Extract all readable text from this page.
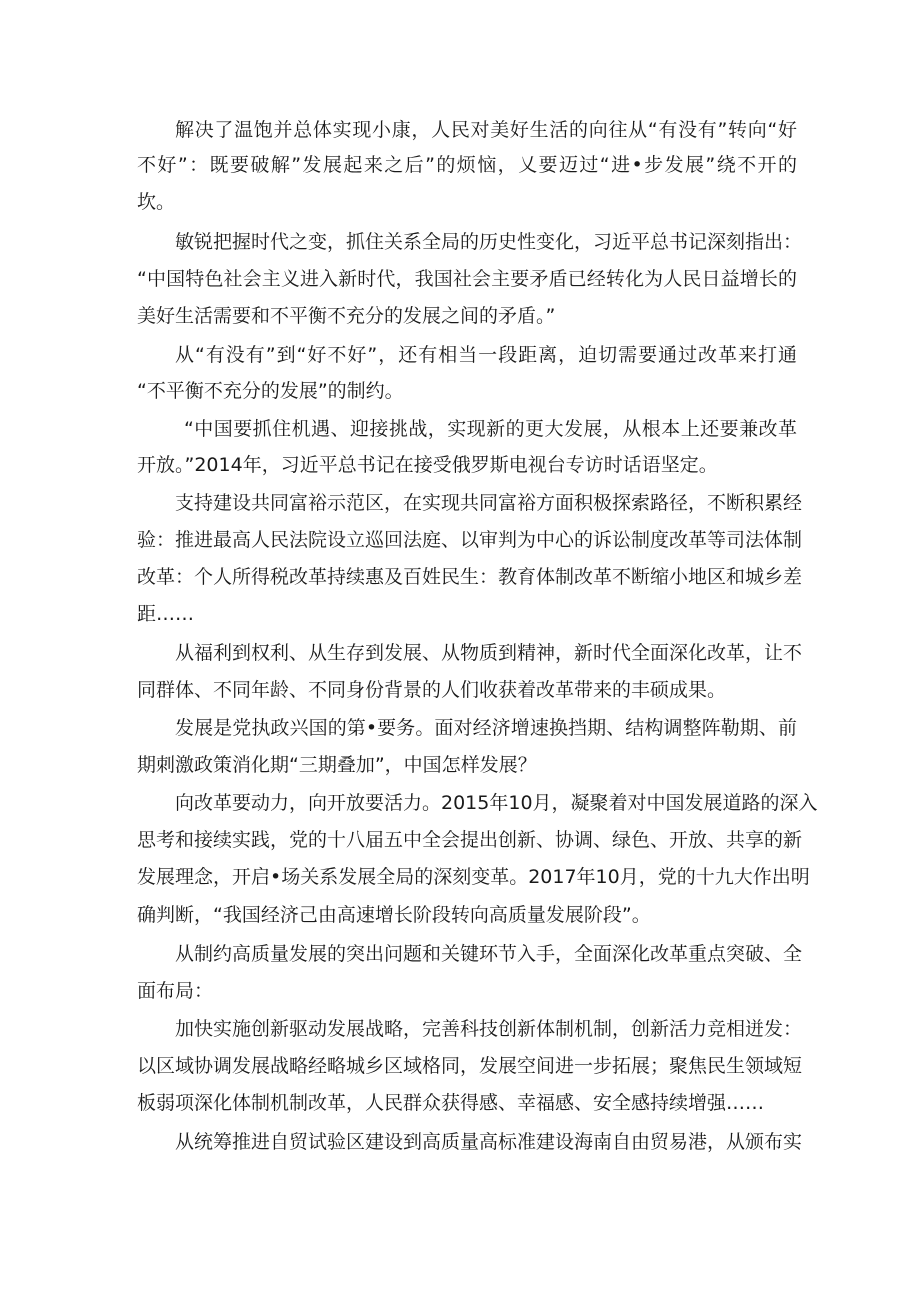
解决了温饱并总体实现小康，人民对美好生活的向往从“有没有”转向“好
不好”：既要破解”发展起来之后”的烦恼，乂要迈过“进•步发展”绕不开的
坎。
敏锐把握时代之变，抓住关系全局的历史性变化，习近平总书记深刻指出：
“中国特色社会主义进入新时代，我国社会主要矛盾已经转化为人民日益增长的
美好生活需要和不平衡不充分的发展之间的矛盾。”
从“有没有”到“好不好”，还有相当一段距离，迫切需要通过改革来打通
“不平衡不充分的发展”的制约。
“中国要抓住机遇、迎接挑战，实现新的更大发展，从根本上还要兼改革
开放。”2014年，习近平总书记在接受俄罗斯电视台专访时话语坚定。
支持建设共同富裕示范区，在实现共同富裕方面积极探索路径，不断积累经
验：推进最高人民法院设立巡回法庭、以审判为中心的诉讼制度改革等司法体制
改革：个人所得税改革持续惠及百姓民生：教育体制改革不断缩小地区和城乡差
距……
从福利到权利、从生存到发展、从物质到精神，新时代全面深化改革，让不
同群体、不同年龄、不同身份背景的人们收获着改革带来的丰硕成果。
发展是党执政兴国的第•要务。面对经济增速换挡期、结构调整阵勒期、前
期刺激政策消化期“三期叠加”，中国怎样发展？
向改革要动力，向开放要活力。2015年10月，凝聚着对中国发展道路的深入
思考和接续实践，党的十八届五中全会提出创新、协调、绿色、开放、共享的新
发展理念，开启•场关系发展全局的深刻变革。2017年10月，党的十九大作出明
确判断，“我国经济己由高速增长阶段转向高质量发展阶段”。
从制约高质量发展的突出问题和关键环节入手，全面深化改革重点突破、全
面布局：
加快实施创新驱动发展战略，完善科技创新体制机制，创新活力竞相迸发：
以区域协调发展战略经略城乡区域格同，发展空间进一步拓展；聚焦民生领域短
板弱项深化体制机制改革，人民群众获得感、幸福感、安全感持续增强……
从统筹推进自贸试验区建设到高质量高标准建设海南自由贸易港，从颁布实
